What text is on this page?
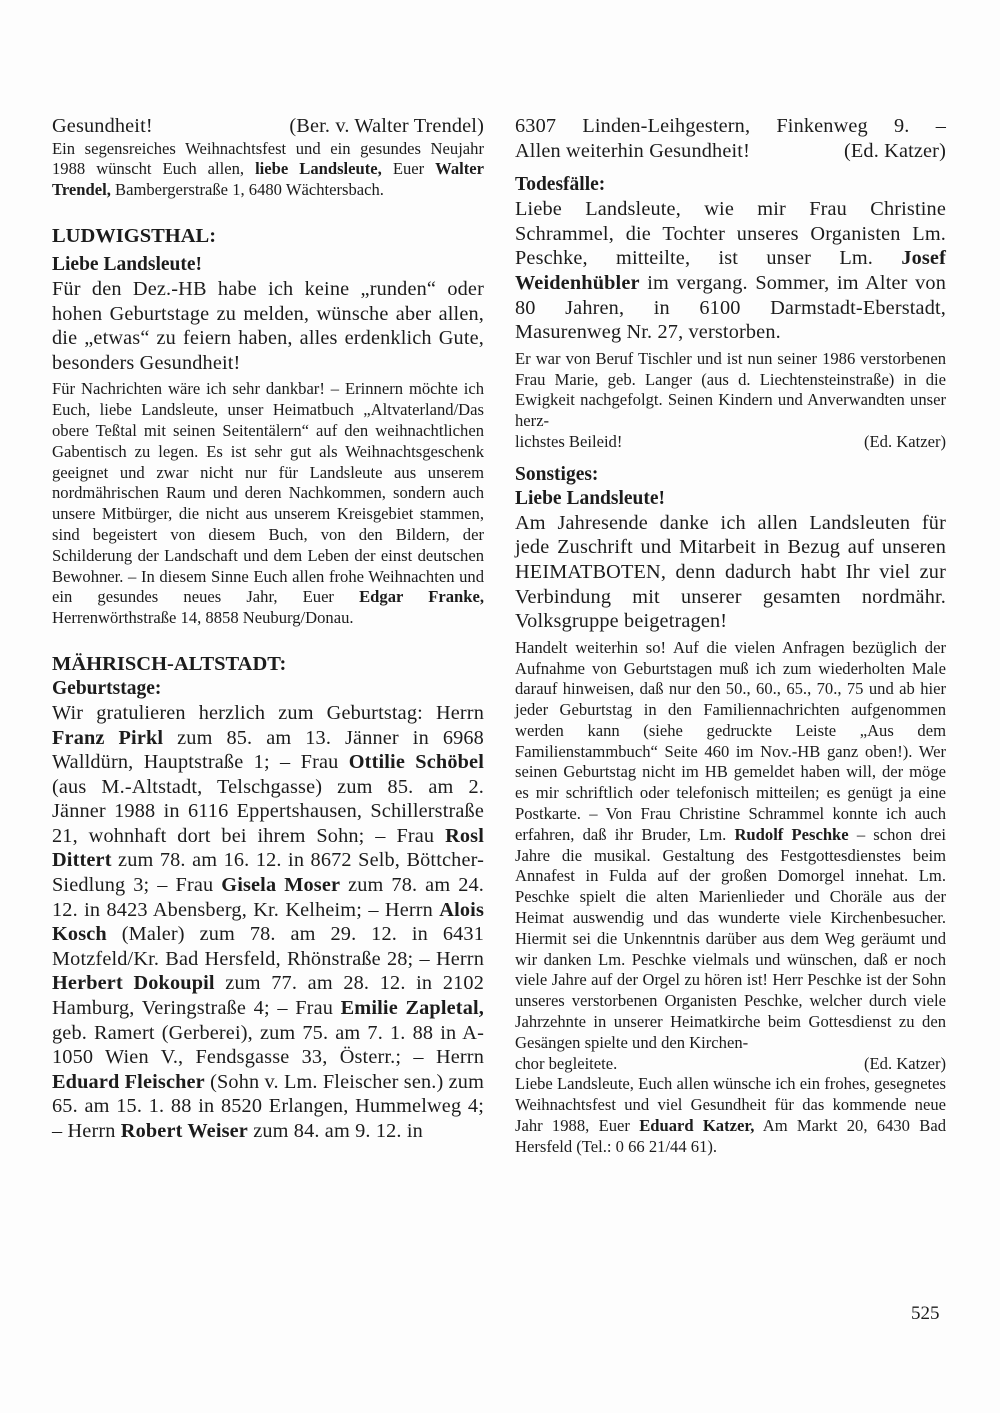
Gesundheit!	(Ber. v. Walter Trendel)

Ein segensreiches Weihnachtsfest und ein gesundes Neujahr 1988 wünscht Euch allen, liebe Landsleute, Euer Walter Trendel, Bambergerstraße 1, 6480 Wächtersbach.

LUDWIGSTHAL:
Liebe Landsleute!

Für den Dez.-HB habe ich keine „runden“ oder hohen Geburtstage zu melden, wünsche aber allen, die „etwas“ zu feiern haben, alles erdenklich Gute, besonders Gesundheit!

Für Nachrichten wäre ich sehr dankbar! – Erinnern möchte ich Euch, liebe Landsleute, unser Heimatbuch „Altvaterland/Das obere Teßtal mit seinen Seitentälern“ auf den weihnachtlichen Gabentisch zu legen. Es ist sehr gut als Weihnachtsgeschenk geeignet und zwar nicht nur für Landsleute aus unserem nordmährischen Raum und deren Nachkommen, sondern auch unsere Mitbürger, die nicht aus unserem Kreisgebiet stammen, sind begeistert von diesem Buch, von den Bildern, der Schilderung der Landschaft und dem Leben der einst deutschen Bewohner. – In diesem Sinne Euch allen frohe Weihnachten und ein gesundes neues Jahr, Euer Edgar Franke, Herrenwörthstraße 14, 8858 Neuburg/Donau.

MÄHRISCH-ALTSTADT:
Geburtstage:

Wir gratulieren herzlich zum Geburtstag: Herrn Franz Pirkl zum 85. am 13. Jänner in 6968 Walldürn, Hauptstraße 1; – Frau Ottilie Schöbel (aus M.-Altstadt, Telschgasse) zum 85. am 2. Jänner 1988 in 6116 Eppertshausen, Schillerstraße 21, wohnhaft dort bei ihrem Sohn; – Frau Rosl Dittert zum 78. am 16. 12. in 8672 Selb, Böttcher-Siedlung 3; – Frau Gisela Moser zum 78. am 24. 12. in 8423 Abensberg, Kr. Kelheim; – Herrn Alois Kosch (Maler) zum 78. am 29. 12. in 6431 Motzfeld/Kr. Bad Hersfeld, Rhönstraße 28; – Herrn Herbert Dokoupil zum 77. am 28. 12. in 2102 Hamburg, Veringstraße 4; – Frau Emilie Zapletal, geb. Ramert (Gerberei), zum 75. am 7. 1. 88 in A-1050 Wien V., Fendsgasse 33, Österr.; – Herrn Eduard Fleischer (Sohn v. Lm. Fleischer sen.) zum 65. am 15. 1. 88 in 8520 Erlangen, Hummelweg 4; – Herrn Robert Weiser zum 84. am 9. 12. in

6307 Linden-Leihgestern, Finkenweg 9. –

Allen weiterhin Gesundheit!	(Ed. Katzer)
Todesfälle:

Liebe Landsleute, wie mir Frau Christine Schrammel, die Tochter unseres Organisten Lm. Peschke, mitteilte, ist unser Lm. Josef Weidenhübler im vergang. Sommer, im Alter von 80 Jahren, in 6100 Darmstadt-Eberstadt, Masurenweg Nr. 27, verstorben.

Er war von Beruf Tischler und ist nun seiner 1986 verstorbenen Frau Marie, geb. Langer (aus d. Liechtensteinstraße) in die Ewigkeit nachgefolgt. Seinen Kindern und Anverwandten unser herz-

lichstes Beileid!	(Ed. Katzer)
Sonstiges:
Liebe Landsleute!

Am Jahresende danke ich allen Landsleuten für jede Zuschrift und Mitarbeit in Bezug auf unseren HEIMATBOTEN, denn dadurch habt Ihr viel zur Verbindung mit unserer gesamten nordmähr. Volksgruppe beigetragen!

Handelt weiterhin so! Auf die vielen Anfragen bezüglich der Aufnahme von Geburtstagen muß ich zum wiederholten Male darauf hinweisen, daß nur den 50., 60., 65., 70., 75 und ab hier jeder Geburtstag in den Familiennachrichten aufgenommen werden kann (siehe gedruckte Leiste „Aus dem Familienstammbuch“ Seite 460 im Nov.-HB ganz oben!). Wer seinen Geburtstag nicht im HB gemeldet haben will, der möge es mir schriftlich oder telefonisch mitteilen; es genügt ja eine Postkarte. – Von Frau Christine Schrammel konnte ich auch erfahren, daß ihr Bruder, Lm. Rudolf Peschke – schon drei Jahre die musikal. Gestaltung des Festgottesdienstes beim Annafest in Fulda auf der großen Domorgel innehat. Lm. Peschke spielt die alten Marienlieder und Choräle aus der Heimat auswendig und das wunderte viele Kirchenbesucher. Hiermit sei die Unkenntnis darüber aus dem Weg geräumt und wir danken Lm. Peschke vielmals und wünschen, daß er noch viele Jahre auf der Orgel zu hören ist! Herr Peschke ist der Sohn unseres verstorbenen Organisten Peschke, welcher durch viele Jahrzehnte in unserer Heimatkirche beim Gottesdienst zu den Gesängen spielte und den Kirchen-

chor begleitete.	(Ed. Katzer)

Liebe Landsleute, Euch allen wünsche ich ein frohes, gesegnetes Weihnachtsfest und viel Gesundheit für das kommende neue Jahr 1988, Euer Eduard Katzer, Am Markt 20, 6430 Bad Hersfeld (Tel.: 0 66 21/44 61).

525
